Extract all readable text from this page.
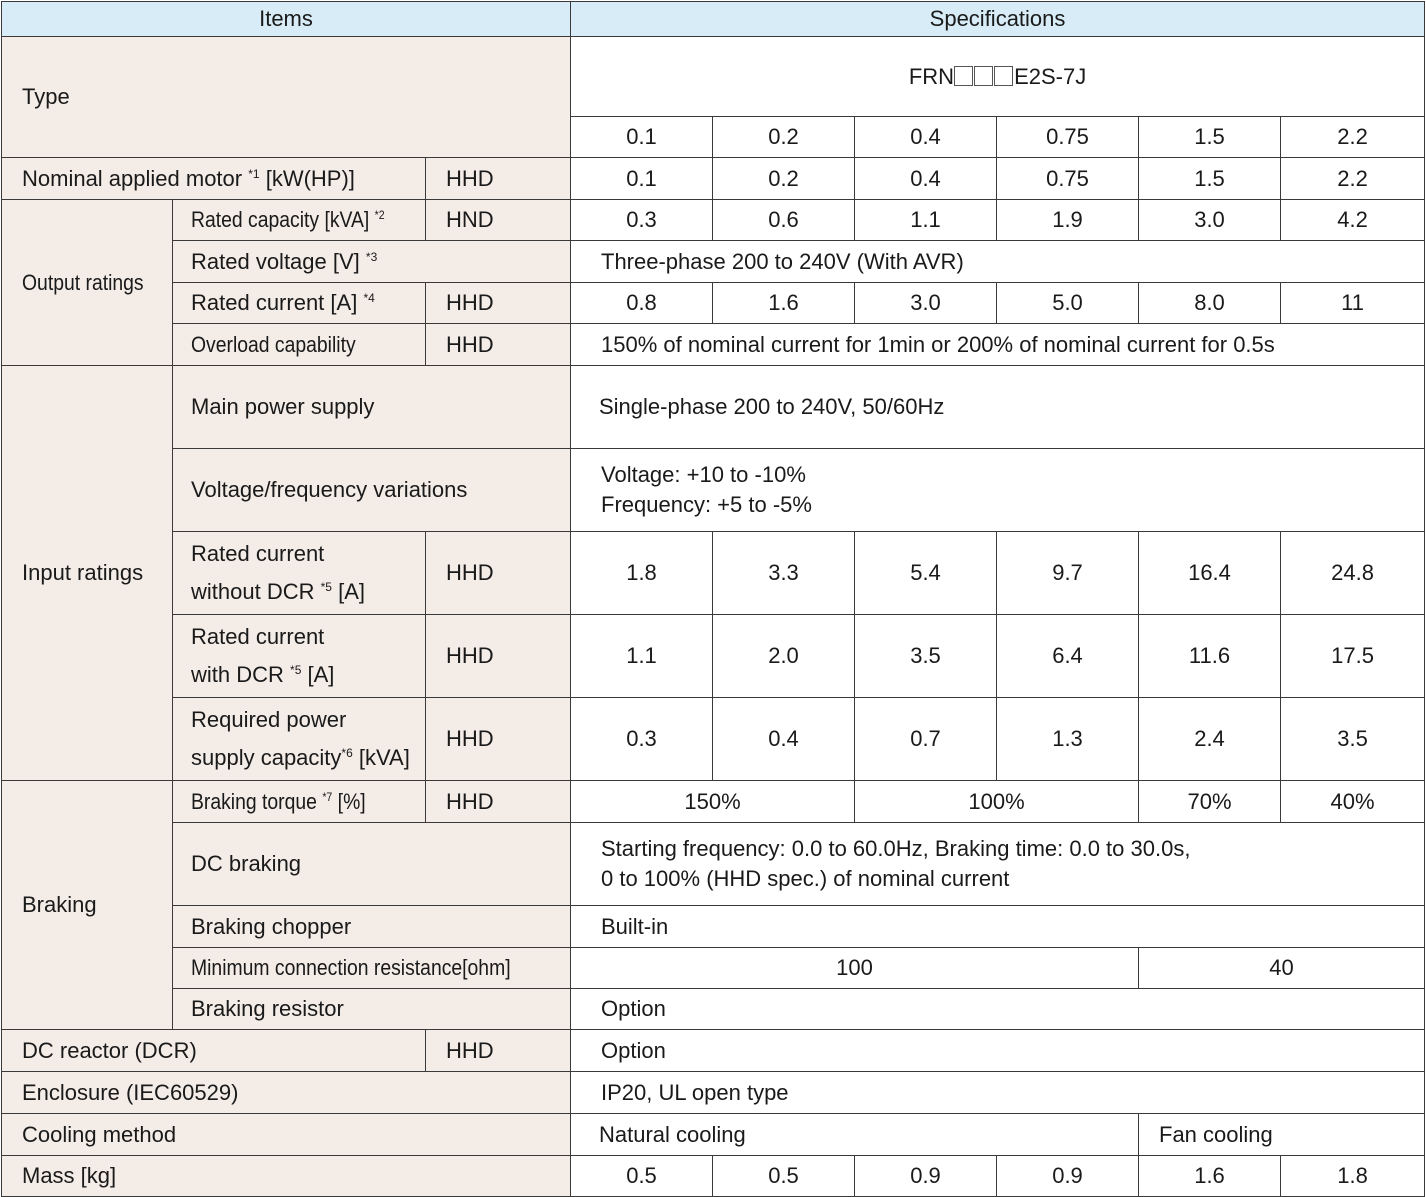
Items			Specifications					
Type			FRN E2S-7J					
			0.1	0.2	0.4	0.75	1.5	2.2
Nominal applied motor $^{*1}$ [kW(HP)]		HHD	0.1	0.2	0.4	0.75	1.5	2.2
Output ratings	Rated capacity [kVA] $^{*2}$	HND	0.3	0.6	1.1	1.9	3.0	4.2
	Rated voltage [V] $^{*3}$		Three-phase 200 to 240V (With AVR)					
	Rated current [A] $^{*4}$	HHD	0.8	1.6	3.0	5.0	8.0	11
	Overload capability	HHD	150% of nominal current for 1min or 200% of nominal current for 0.5s					
Input ratings	Main power supply		Single-phase 200 to 240V, 50/60Hz					
	Voltage/frequency variations		Voltage: +10 to -10%
Frequency: +5 to -5%					
	Rated current
without DCR $^{*5}$ [A]	HHD	1.8	3.3	5.4	9.7	16.4	24.8
	Rated current
with DCR $^{*5}$ [A]	HHD	1.1	2.0	3.5	6.4	11.6	17.5
	Required power
supply capacity$^{*6}$ [kVA]	HHD	0.3	0.4	0.7	1.3	2.4	3.5
Braking	Braking torque $^{*7}$ [%]	HHD	150%		100%		70%	40%
	DC braking		Starting frequency: 0.0 to 60.0Hz, Braking time: 0.0 to 30.0s,
0 to 100% (HHD spec.) of nominal current					
	Braking chopper		Built-in					
	Minimum connection resistance[ohm]		100				40	
	Braking resistor		Option					
DC reactor (DCR)		HHD	Option					
Enclosure (IEC60529)			IP20, UL open type					
Cooling method			Natural cooling				Fan cooling	
Mass [kg]			0.5	0.5	0.9	0.9	1.6	1.8
